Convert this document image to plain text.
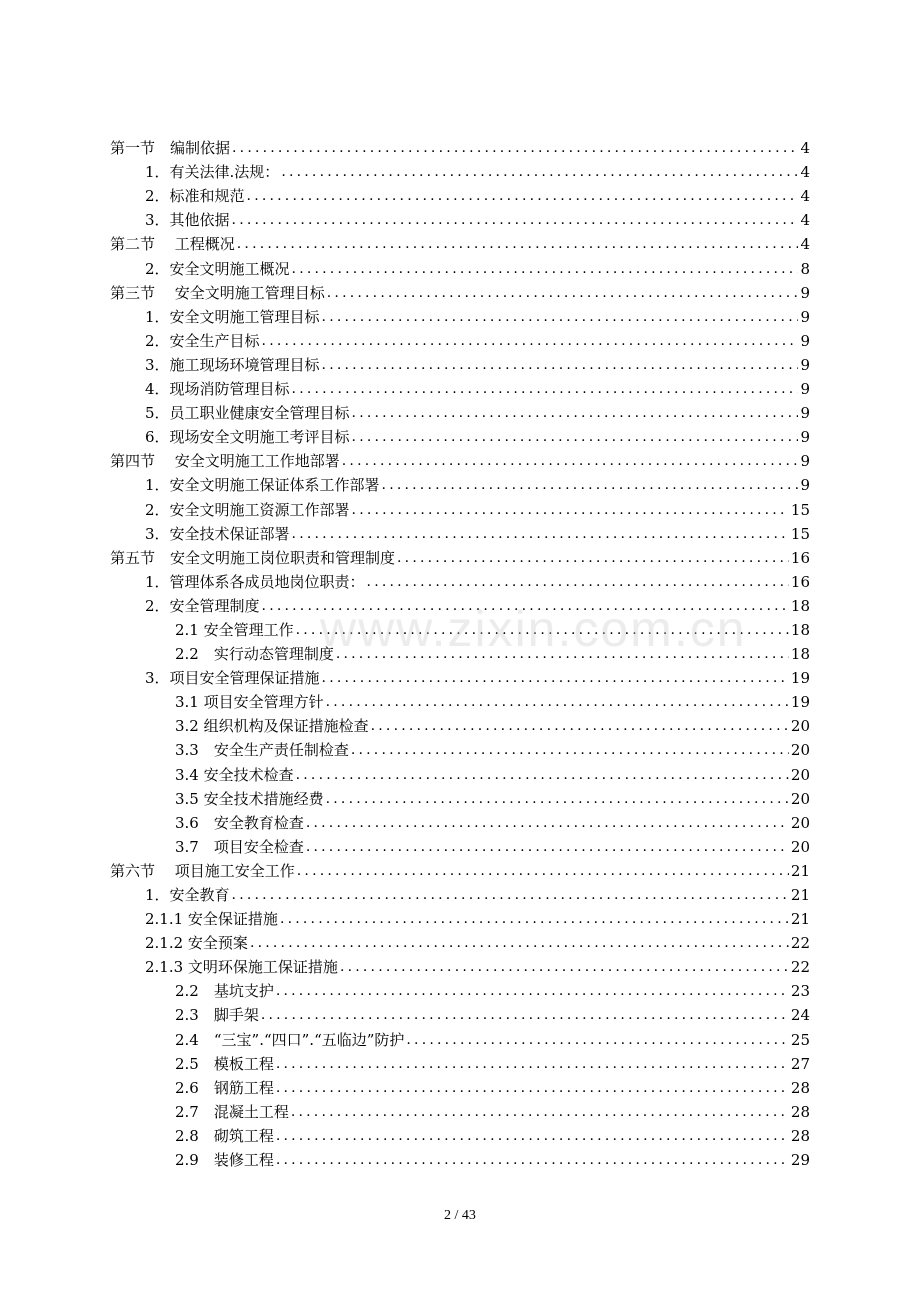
第一节　编制依据 .....	4
1．有关法律.法规： .....	4
2．标准和规范 .....	4
3．其他依据 .....	4
第二节　 工程概况 .....	4
2．安全文明施工概况 .....	8
第三节　 安全文明施工管理目标 .....	9
1．安全文明施工管理目标 .....	9
2．安全生产目标 .....	9
3．施工现场环境管理目标 .....	9
4．现场消防管理目标 .....	9
5．员工职业健康安全管理目标 .....	9
6．现场安全文明施工考评目标 .....	9
第四节　 安全文明施工工作地部署 .....	9
1．安全文明施工保证体系工作部署 .....	9
2．安全文明施工资源工作部署 .....	15
3．安全技术保证部署 .....	15
第五节　安全文明施工岗位职责和管理制度 .....	16
1．管理体系各成员地岗位职责： .....	16
2．安全管理制度 .....	18
2.1 安全管理工作 .....	18
2.2　实行动态管理制度 .....	18
3．项目安全管理保证措施 .....	19
3.1 项目安全管理方针 .....	19
3.2 组织机构及保证措施检查 .....	20
3.3　安全生产责任制检查 .....	20
3.4 安全技术检查 .....	20
3.5 安全技术措施经费 .....	20
3.6　安全教育检查 .....	20
3.7　项目安全检查 .....	20
第六节　 项目施工安全工作 .....	21
1．安全教育 .....	21
2.1.1 安全保证措施 .....	21
2.1.2 安全预案 .....	22
2.1.3 文明环保施工保证措施 .....	22
2.2　基坑支护 .....	23
2.3　脚手架 .....	24
2.4　“三宝”.“四口”.“五临边”防护 .....	25
2.5　模板工程 .....	27
2.6　钢筋工程 .....	28
2.7　混凝土工程 .....	28
2.8　砌筑工程 .....	28
2.9　装修工程 .....	29
www.zixin.com.cn
2 / 43
